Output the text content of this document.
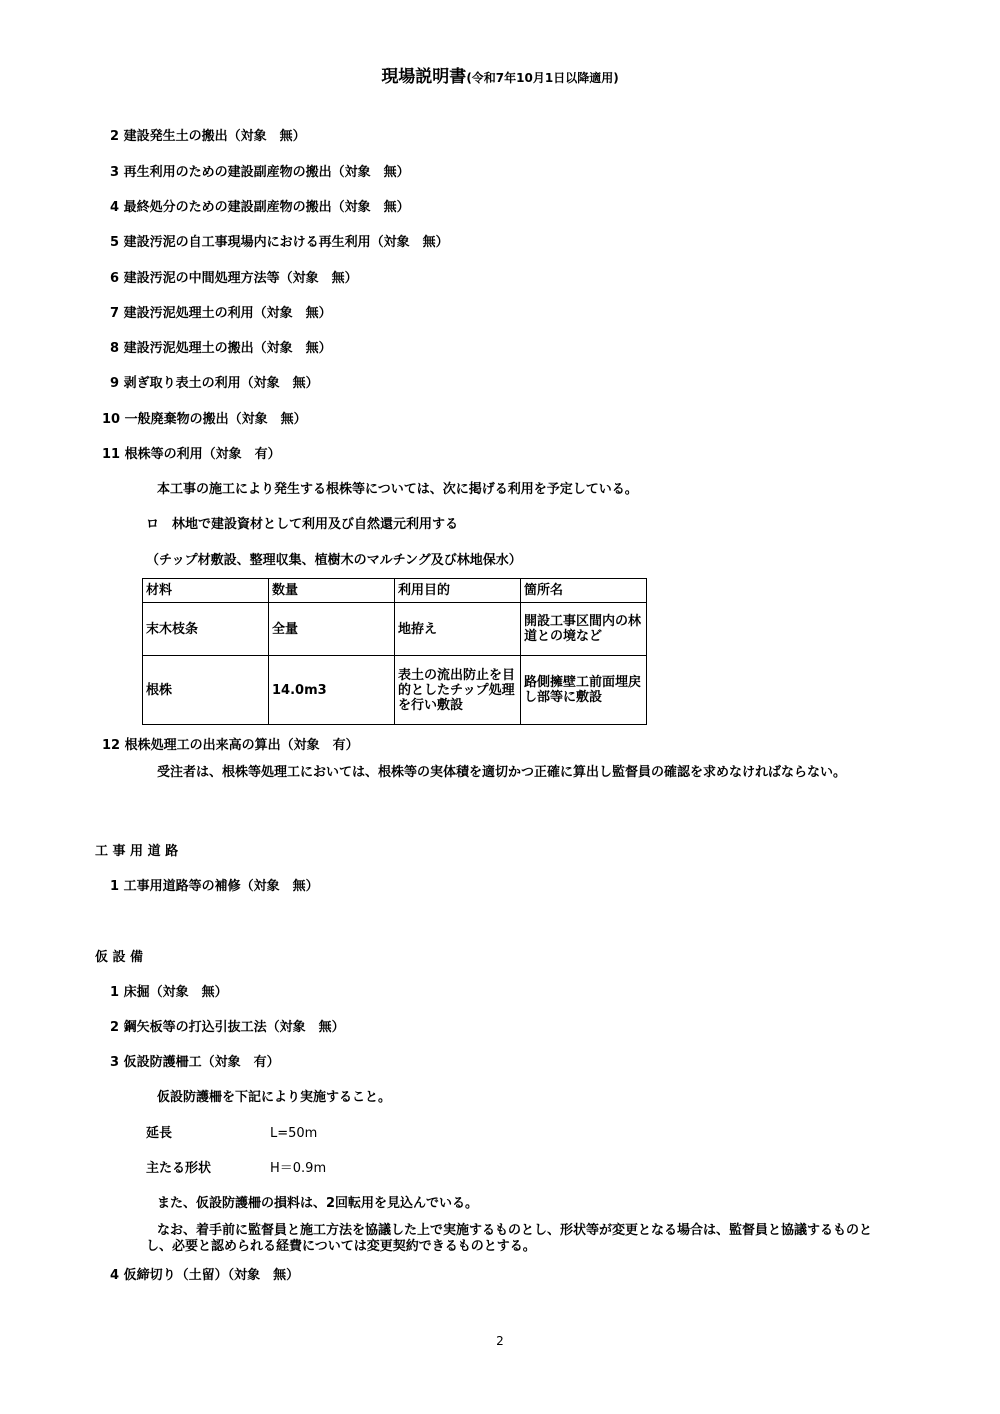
現場説明書(令和7年10月1日以降適用)
2 建設発生土の搬出（対象　無）
3 再生利用のための建設副産物の搬出（対象　無）
4 最終処分のための建設副産物の搬出（対象　無）
5 建設汚泥の自工事現場内における再生利用（対象　無）
6 建設汚泥の中間処理方法等（対象　無）
7 建設汚泥処理土の利用（対象　無）
8 建設汚泥処理土の搬出（対象　無）
9 剥ぎ取り表土の利用（対象　無）
10 一般廃棄物の搬出（対象　無）
11 根株等の利用（対象　有）
本工事の施工により発生する根株等については、次に掲げる利用を予定している。
ロ　林地で建設資材として利用及び自然還元利用する
（チップ材敷設、整理収集、植樹木のマルチング及び林地保水）
材料	数量	利用目的	箇所名
末木枝条	全量	地拵え	開設工事区間内の林道との境など
根株	14.0m3	表土の流出防止を目的としたチップ処理を行い敷設	路側擁壁工前面埋戻し部等に敷設
12 根株処理工の出来高の算出（対象　有）
受注者は、根株等処理工においては、根株等の実体積を適切かつ正確に算出し監督員の確認を求めなければならない。
工 事 用 道 路
1 工事用道路等の補修（対象　無）
仮 設 備
1 床掘（対象　無）
2 鋼矢板等の打込引抜工法（対象　無）
3 仮設防護柵工（対象　有）
仮設防護柵を下記により実施すること。
延長	L=50m
主たる形状	H＝0.9m
また、仮設防護柵の損料は、2回転用を見込んでいる。
なお、着手前に監督員と施工方法を協議した上で実施するものとし、形状等が変更となる場合は、監督員と協議するものとし、必要と認められる経費については変更契約できるものとする。
4 仮締切り（土留）（対象　無）
2
